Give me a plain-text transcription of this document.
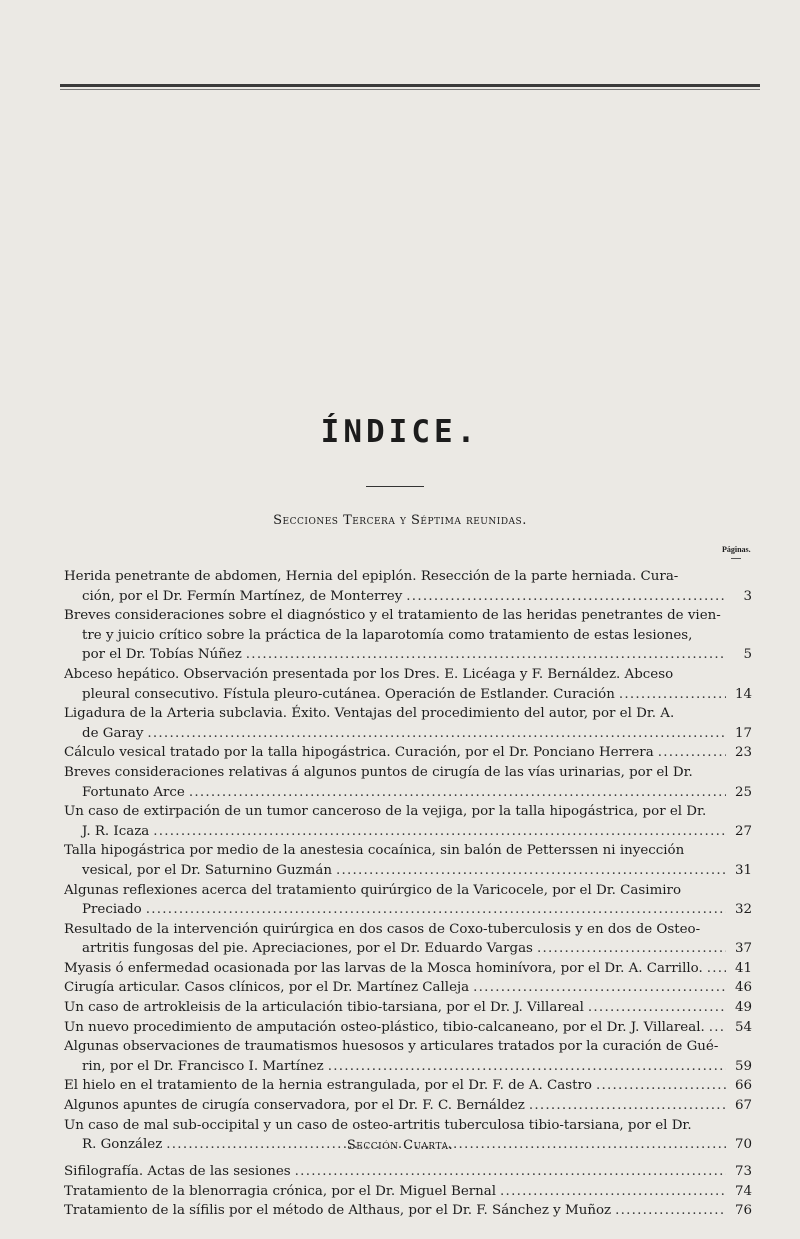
ÍNDICE.
Secciones Tercera y Séptima reunidas.
Páginas.
Herida penetrante de abdomen, Hernia del epiplón. Resección de la parte herniada. Cura-
ción, por el Dr. Fermín Martínez, de Monterrey . . .	3
Breves consideraciones sobre el diagnóstico y el tratamiento de las heridas penetrantes de vien-
tre y juicio crítico sobre la práctica de la laparotomía como tratamiento de estas lesiones,
por el Dr. Tobías Núñez . . .	5
Abceso hepático. Observación presentada por los Dres. E. Licéaga y F. Bernáldez. Abceso
pleural consecutivo. Fístula pleuro-cutánea. Operación de Estlander. Curación . . .	14
Ligadura de la Arteria subclavia. Éxito. Ventajas del procedimiento del autor, por el Dr. A.
de Garay . . .	17
Cálculo vesical tratado por la talla hipogástrica. Curación, por el Dr. Ponciano Herrera . . .	23
Breves consideraciones relativas á algunos puntos de cirugía de las vías urinarias, por el Dr.
Fortunato Arce . . .	25
Un caso de extirpación de un tumor canceroso de la vejiga, por la talla hipogástrica, por el Dr.
J. R. Icaza . . .	27
Talla hipogástrica por medio de la anestesia cocaínica, sin balón de Petterssen ni inyección
vesical, por el Dr. Saturnino Guzmán . . .	31
Algunas reflexiones acerca del tratamiento quirúrgico de la Varicocele, por el Dr. Casimiro
Preciado . . .	32
Resultado de la intervención quirúrgica en dos casos de Coxo-tuberculosis y en dos de Osteo-
artritis fungosas del pie. Apreciaciones, por el Dr. Eduardo Vargas . . .	37
Myasis ó enfermedad ocasionada por las larvas de la Mosca hominívora, por el Dr. A. Carrillo. . . .	41
Cirugía articular. Casos clínicos, por el Dr. Martínez Calleja . . .	46
Un caso de artrokleisis de la articulación tibio-tarsiana, por el Dr. J. Villareal . . .	49
Un nuevo procedimiento de amputación osteo-plástico, tibio-calcaneano, por el Dr. J. Villareal. . . .	54
Algunas observaciones de traumatismos huesosos y articulares tratados por la curación de Gué-
rin, por el Dr. Francisco I. Martínez . . .	59
El hielo en el tratamiento de la hernia estrangulada, por el Dr. F. de A. Castro . . .	66
Algunos apuntes de cirugía conservadora, por el Dr. F. C. Bernáldez . . .	67
Un caso de mal sub-occipital y un caso de osteo-artritis tuberculosa tibio-tarsiana, por el Dr.
R. González . . .	70
Sección Cuarta.
Sifilografía. Actas de las sesiones . . .	73
Tratamiento de la blenorragia crónica, por el Dr. Miguel Bernal . . .	74
Tratamiento de la sífilis por el método de Althaus, por el Dr. F. Sánchez y Muñoz . . .	76
